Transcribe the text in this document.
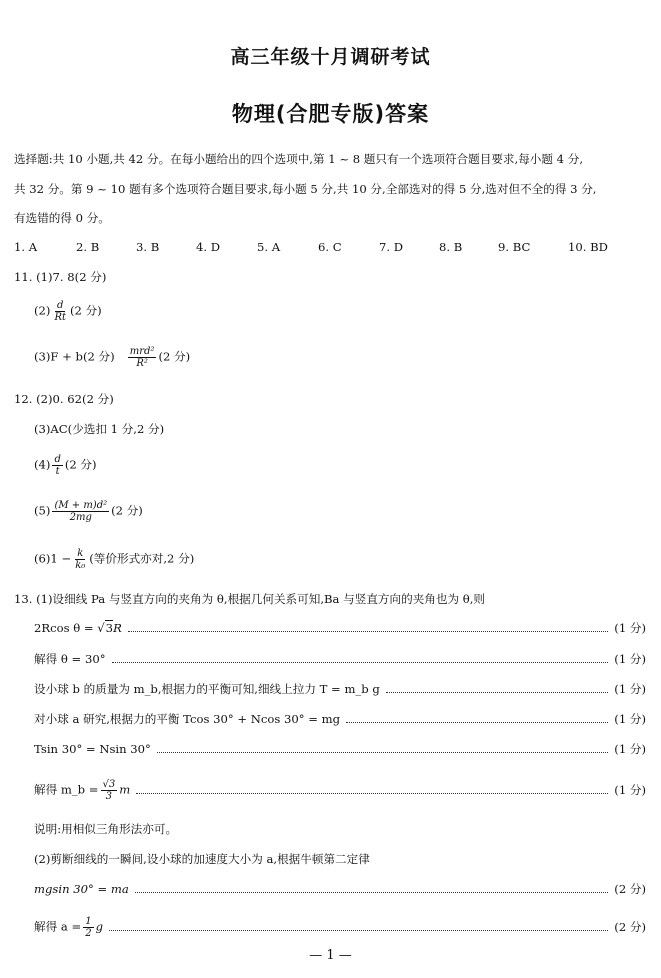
高三年级十月调研考试
物理(合肥专版)答案
选择题:共 10 小题,共 42 分。在每小题给出的四个选项中,第 1 ~ 8 题只有一个选项符合题目要求,每小题 4 分,
共 32 分。第 9 ~ 10 题有多个选项符合题目要求,每小题 5 分,共 10 分,全部选对的得 5 分,选对但不全的得 3 分,
有选错的得 0 分。
1. A	2. B	3. B	4. D	5. A	6. C	7. D	8. B	9. BC	10. BD
11. (1)7. 8(2 分)
$(2) \frac{d}{Rt} (2$ 分)
(3)F + b(2 分) $\frac{\text{mrd²}}{\text{R²}} (2$ 分)
12. (2)0. 62(2 分)
(3)AC(少选扣 1 分,2 分)
$(4) \frac{d}{t} (2$ 分)
$(5) \frac{\text{(M + m)d²}}{2mg} (2$ 分)
$(6)1 - \frac{k}{\text{k₀}}$ (等价形式亦对,2 分)
13. (1)设细线 Pa 与竖直方向的夹角为 θ,根据几何关系可知,Ba 与竖直方向的夹角也为 θ,则
2Rcos θ = √3R	(1 分)
解得 θ = 30°	(1 分)
设小球 b 的质量为 m_b,根据力的平衡可知,细线上拉力 T = m_b g	(1 分)
对小球 a 研究,根据力的平衡 Tcos 30° + Ncos 30° = mg	(1 分)
Tsin 30° = Nsin 30°	(1 分)
解得 m_b = $\frac{√3}{3}$ m	(1 分)
说明:用相似三角形法亦可。
(2)剪断细线的一瞬间,设小球的加速度大小为 a,根据牛顿第二定律
mgsin 30° = ma	(2 分)
解得 $a = \frac{1}{2}$ g	(2 分)
— 1 —
